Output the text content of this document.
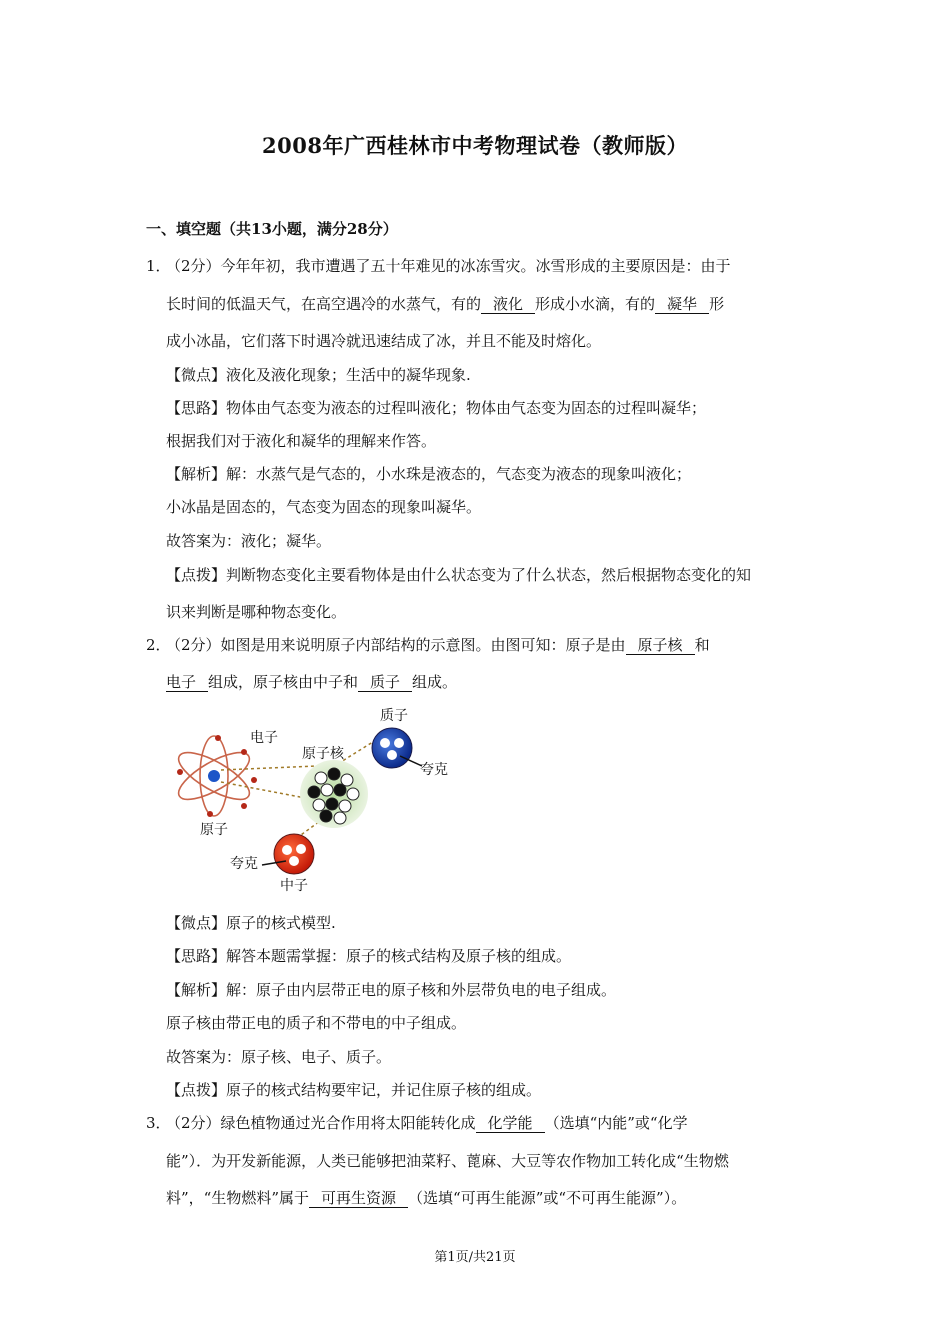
2008年广西桂林市中考物理试卷（教师版）
一、填空题（共13小题，满分28分）
1．
（2分）今年年初，我市遭遇了五十年难见的冰冻雪灾。冰雪形成的主要原因是：由于
长时间的低温天气，在高空遇冷的水蒸气，有的 液化 形成小水滴，有的 凝华 形
成小冰晶，它们落下时遇冷就迅速结成了冰，并且不能及时熔化。
【微点】液化及液化现象；生活中的凝华现象.
【思路】物体由气态变为液态的过程叫液化；物体由气态变为固态的过程叫凝华；
根据我们对于液化和凝华的理解来作答。
【解析】解：水蒸气是气态的，小水珠是液态的，气态变为液态的现象叫液化；
小冰晶是固态的，气态变为固态的现象叫凝华。
故答案为：液化；凝华。
【点拨】判断物态变化主要看物体是由什么状态变为了什么状态，然后根据物态变化的知
识来判断是哪种物态变化。
2．
（2分）如图是用来说明原子内部结构的示意图。由图可知：原子是由 原子核 和
电子 组成，原子核由中子和 质子 组成。
质子
电子
原子核
夸克
原子
夸克
中子
【微点】原子的核式模型.
【思路】解答本题需掌握：原子的核式结构及原子核的组成。
【解析】解：原子由内层带正电的原子核和外层带负电的电子组成。
原子核由带正电的质子和不带电的中子组成。
故答案为：原子核、电子、质子。
【点拨】原子的核式结构要牢记，并记住原子核的组成。
3．
（2分）绿色植物通过光合作用将太阳能转化成 化学能 （选填“内能”或“化学
能”）．为开发新能源，人类已能够把油菜籽、蓖麻、大豆等农作物加工转化成“生物燃
料”，“生物燃料”属于 可再生资源 （选填“可再生能源”或“不可再生能源”）。
第1页/共21页
